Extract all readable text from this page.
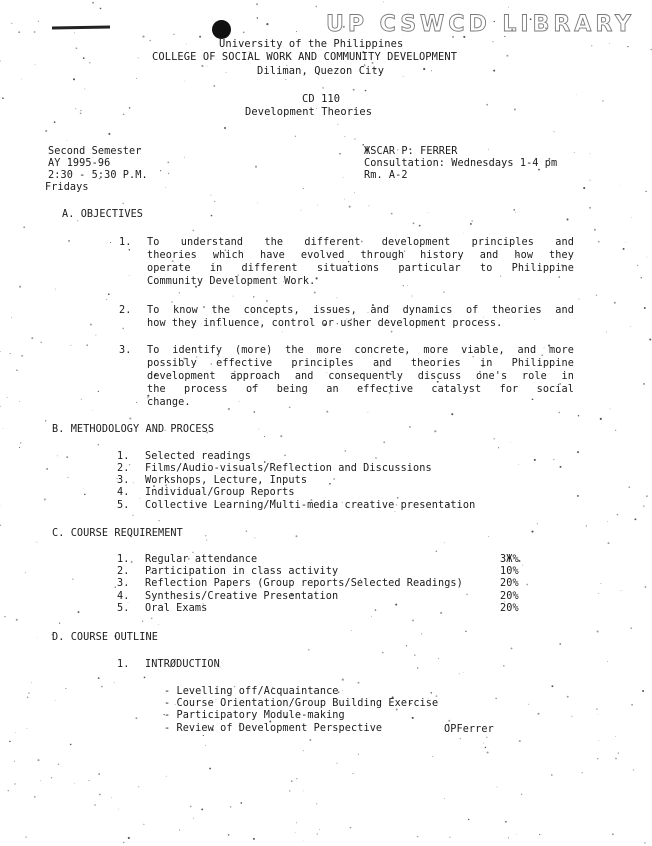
UP CSWCD LIBRARY
University of the Philippines
COLLEGE OF SOCIAL WORK AND COMMUNITY DEVELOPMENT
Diliman, Quezon City
CD 110
Development Theories
Second Semester
AY 1995-96
2:30 - 5:30 P.M.
Fridays
ЖSCAR P. FERRER
Consultation: Wednesdays 1-4 pm
Rm. A-2
A. OBJECTIVES
1. To understand the different development principles and
theories which have evolved through history and how they
operate in different situations particular to Philippine
Community Development Work.
2. To know the concepts, issues, and dynamics of theories and
how they influence, control or usher development process.
3. To identify (more) the more concrete, more viable, and more
possibly effective principles and theories in Philippine
development approach and consequently discuss one's role in
the process of being an effective catalyst for social
change.
B. METHODOLOGY AND PROCESS
1. Selected readings
2. Films/Audio-visuals/Reflection and Discussions
3. Workshops, Lecture, Inputs
4. Individual/Group Reports
5. Collective Learning/Multi-media creative presentation
C. COURSE REQUIREMENT
1. Regular attendance	3Ж%
2. Participation in class activity	10%
3. Reflection Papers (Group reports/Selected Readings)	20%
4. Synthesis/Creative Presentation	20%
5. Oral Exams	20%
D. COURSE OUTLINE
1. INTRØDUCTION
- Levelling off/Acquaintance
- Course Orientation/Group Building Exercise
- Participatory Module-making
- Review of Development Perspective	OPFerrer
